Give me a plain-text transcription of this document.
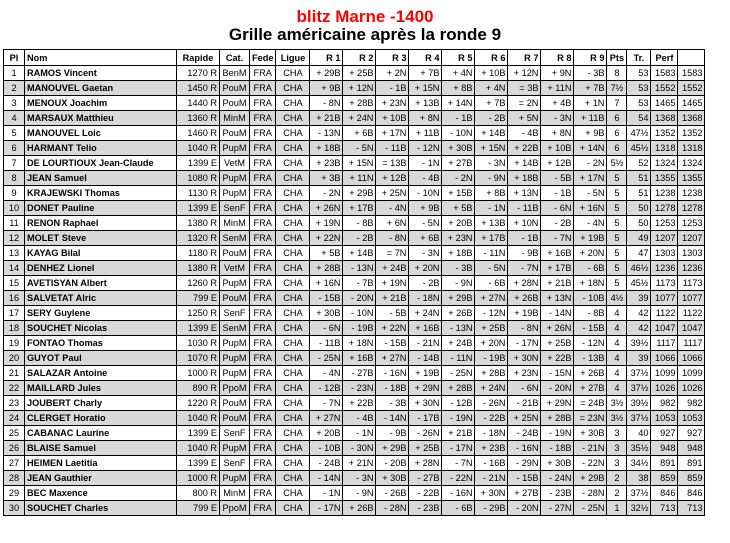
blitz Marne -1400
Grille américaine après la ronde 9
Pl	Nom	Rapide	Cat.	Fede	Ligue	R 1	R 2	R 3	R 4	R 5	R 6	R 7	R 8	R 9	Pts	Tr.	Perf	
1	RAMOS Vincent	1270 R	BenM	FRA	CHA	+ 29B	+ 25B	+ 2N	+ 7B	+ 4N	+ 10B	+ 12N	+ 9N	- 3B	8	53	1583	1583
2	MANOUVEL Gaetan	1450 R	PouM	FRA	CHA	+ 9B	+ 12N	- 1B	+ 15N	+ 8B	+ 4N	= 3B	+ 11N	+ 7B	7½	53	1552	1552
3	MENOUX Joachim	1440 R	PouM	FRA	CHA	- 8N	+ 28B	+ 23N	+ 13B	+ 14N	+ 7B	= 2N	+ 4B	+ 1N	7	53	1465	1465
4	MARSAUX Matthieu	1360 R	MinM	FRA	CHA	+ 21B	+ 24N	+ 10B	+ 8N	- 1B	- 2B	+ 5N	- 3N	+ 11B	6	54	1368	1368
5	MANOUVEL Loic	1460 R	PouM	FRA	CHA	- 13N	+ 6B	+ 17N	+ 11B	- 10N	+ 14B	- 4B	+ 8N	+ 9B	6	47½	1352	1352
6	HARMANT Telio	1040 R	PupM	FRA	CHA	+ 18B	- 5N	- 11B	- 12N	+ 30B	+ 15N	+ 22B	+ 10B	+ 14N	6	45½	1318	1318
7	DE LOURTIOUX Jean-Claude	1399 E	VetM	FRA	CHA	+ 23B	+ 15N	= 13B	- 1N	+ 27B	- 3N	+ 14B	+ 12B	- 2N	5½	52	1324	1324
8	JEAN Samuel	1080 R	PupM	FRA	CHA	+ 3B	+ 11N	+ 12B	- 4B	- 2N	- 9N	+ 18B	- 5B	+ 17N	5	51	1355	1355
9	KRAJEWSKI Thomas	1130 R	PupM	FRA	CHA	- 2N	+ 29B	+ 25N	- 10N	+ 15B	+ 8B	+ 13N	- 1B	- 5N	5	51	1238	1238
10	DONET Pauline	1399 E	SenF	FRA	CHA	+ 26N	+ 17B	- 4N	+ 9B	+ 5B	- 1N	- 11B	- 6N	+ 16N	5	50	1278	1278
11	RENON Raphael	1380 R	MinM	FRA	CHA	+ 19N	- 8B	+ 6N	- 5N	+ 20B	+ 13B	+ 10N	- 2B	- 4N	5	50	1253	1253
12	MOLET Steve	1320 R	SenM	FRA	CHA	+ 22N	- 2B	- 8N	+ 6B	+ 23N	+ 17B	- 1B	- 7N	+ 19B	5	49	1207	1207
13	KAYAG Bilal	1180 R	PouM	FRA	CHA	+ 5B	+ 14B	= 7N	- 3N	+ 18B	- 11N	- 9B	+ 16B	+ 20N	5	47	1303	1303
14	DENHEZ Lionel	1380 R	VetM	FRA	CHA	+ 28B	- 13N	+ 24B	+ 20N	- 3B	- 5N	- 7N	+ 17B	- 6B	5	46½	1236	1236
15	AVETISYAN Albert	1260 R	PupM	FRA	CHA	+ 16N	- 7B	+ 19N	- 2B	- 9N	- 6B	+ 28N	+ 21B	+ 18N	5	45½	1173	1173
16	SALVETAT Alric	799 E	PouM	FRA	CHA	- 15B	- 20N	+ 21B	- 18N	+ 29B	+ 27N	+ 26B	+ 13N	- 10B	4½	39	1077	1077
17	SERY Guylene	1250 R	SenF	FRA	CHA	+ 30B	- 10N	- 5B	+ 24N	+ 26B	- 12N	+ 19B	- 14N	- 8B	4	42	1122	1122
18	SOUCHET Nicolas	1399 E	SenM	FRA	CHA	- 6N	- 19B	+ 22N	+ 16B	- 13N	+ 25B	- 8N	+ 26N	- 15B	4	42	1047	1047
19	FONTAO Thomas	1030 R	PupM	FRA	CHA	- 11B	+ 18N	- 15B	- 21N	+ 24B	+ 20N	- 17N	+ 25B	- 12N	4	39½	1117	1117
20	GUYOT Paul	1070 R	PupM	FRA	CHA	- 25N	+ 16B	+ 27N	- 14B	- 11N	- 19B	+ 30N	+ 22B	- 13B	4	39	1066	1066
21	SALAZAR Antoine	1000 R	PupM	FRA	CHA	- 4N	- 27B	- 16N	+ 19B	- 25N	+ 28B	+ 23N	- 15N	+ 26B	4	37½	1099	1099
22	MAILLARD Jules	890 R	PpoM	FRA	CHA	- 12B	- 23N	- 18B	+ 29N	+ 28B	+ 24N	- 6N	- 20N	+ 27B	4	37½	1026	1026
23	JOUBERT Charly	1220 R	PouM	FRA	CHA	- 7N	+ 22B	- 3B	+ 30N	- 12B	- 26N	- 21B	+ 29N	= 24B	3½	39½	982	982
24	CLERGET Horatio	1040 R	PouM	FRA	CHA	+ 27N	- 4B	- 14N	- 17B	- 19N	- 22B	+ 25N	+ 28B	= 23N	3½	37½	1053	1053
25	CABANAC Laurine	1399 E	SenF	FRA	CHA	+ 20B	- 1N	- 9B	- 26N	+ 21B	- 18N	- 24B	- 19N	+ 30B	3	40	927	927
26	BLAISE Samuel	1040 R	PupM	FRA	CHA	- 10B	- 30N	+ 29B	+ 25B	- 17N	+ 23B	- 16N	- 18B	- 21N	3	35½	948	948
27	HEIMEN Laetitia	1399 E	SenF	FRA	CHA	- 24B	+ 21N	- 20B	+ 28N	- 7N	- 16B	- 29N	+ 30B	- 22N	3	34½	891	891
28	JEAN Gauthier	1000 R	PupM	FRA	CHA	- 14N	- 3N	+ 30B	- 27B	- 22N	- 21N	- 15B	- 24N	+ 29B	2	38	859	859
29	BEC Maxence	800 R	MinM	FRA	CHA	- 1N	- 9N	- 26B	- 22B	- 16N	+ 30N	+ 27B	- 23B	- 28N	2	37½	846	846
30	SOUCHET Charles	799 E	PpoM	FRA	CHA	- 17N	+ 26B	- 28N	- 23B	- 6B	- 29B	- 20N	- 27N	- 25N	1	32½	713	713
